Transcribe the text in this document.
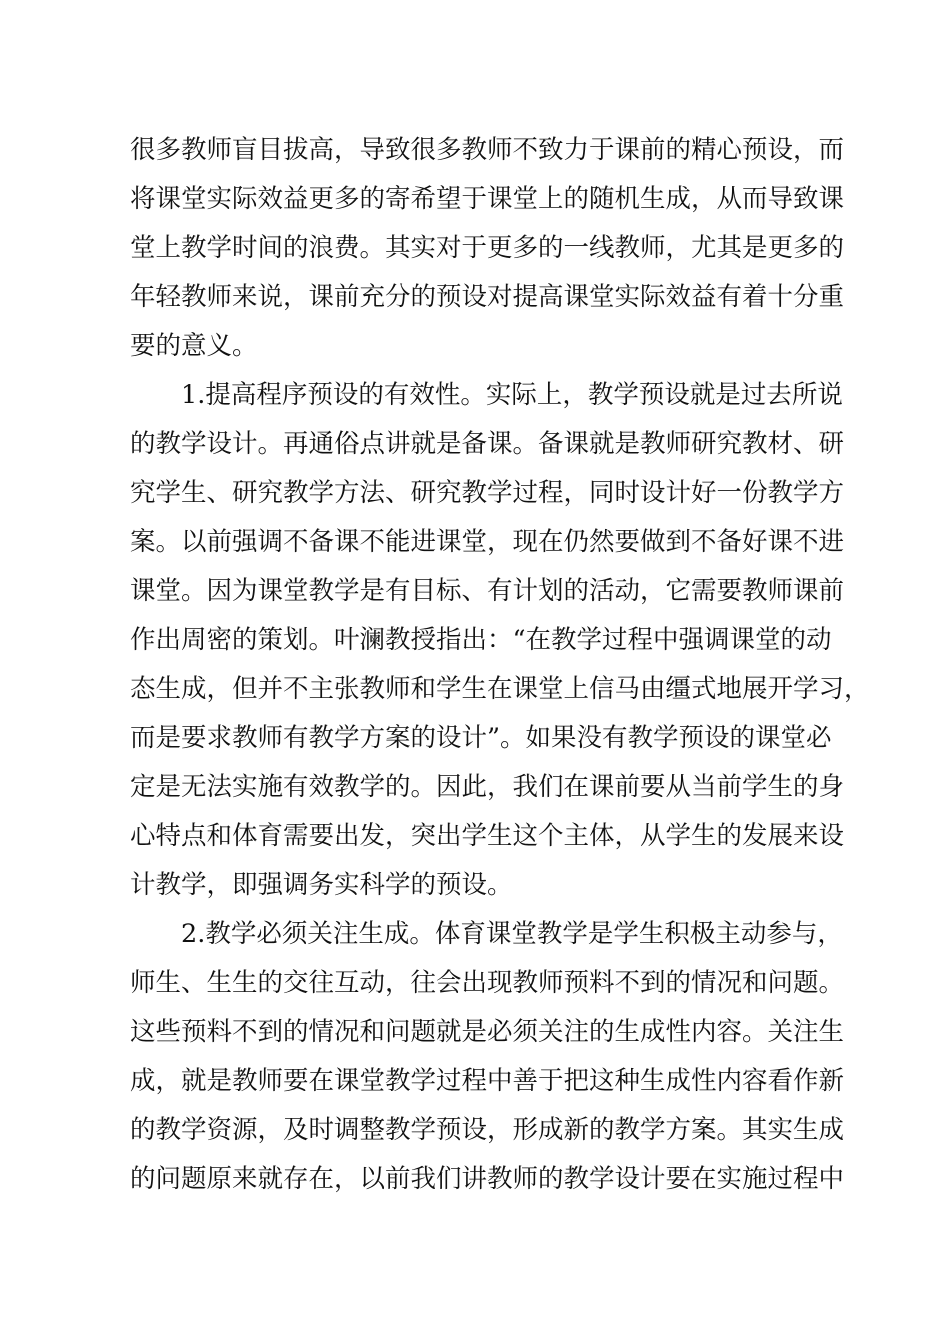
很多教师盲目拔高，导致很多教师不致力于课前的精心预设，而
将课堂实际效益更多的寄希望于课堂上的随机生成，从而导致课
堂上教学时间的浪费。其实对于更多的一线教师，尤其是更多的
年轻教师来说，课前充分的预设对提高课堂实际效益有着十分重
要的意义。
1.提高程序预设的有效性。实际上，教学预设就是过去所说
的教学设计。再通俗点讲就是备课。备课就是教师研究教材、研
究学生、研究教学方法、研究教学过程，同时设计好一份教学方
案。以前强调不备课不能进课堂，现在仍然要做到不备好课不进
课堂。因为课堂教学是有目标、有计划的活动，它需要教师课前
作出周密的策划。叶澜教授指出：“在教学过程中强调课堂的动
态生成，但并不主张教师和学生在课堂上信马由缰式地展开学习，
而是要求教师有教学方案的设计”。如果没有教学预设的课堂必
定是无法实施有效教学的。因此，我们在课前要从当前学生的身
心特点和体育需要出发，突出学生这个主体，从学生的发展来设
计教学，即强调务实科学的预设。
2.教学必须关注生成。体育课堂教学是学生积极主动参与，
师生、生生的交往互动，往会出现教师预料不到的情况和问题。
这些预料不到的情况和问题就是必须关注的生成性内容。关注生
成，就是教师要在课堂教学过程中善于把这种生成性内容看作新
的教学资源，及时调整教学预设，形成新的教学方案。其实生成
的问题原来就存在，以前我们讲教师的教学设计要在实施过程中
